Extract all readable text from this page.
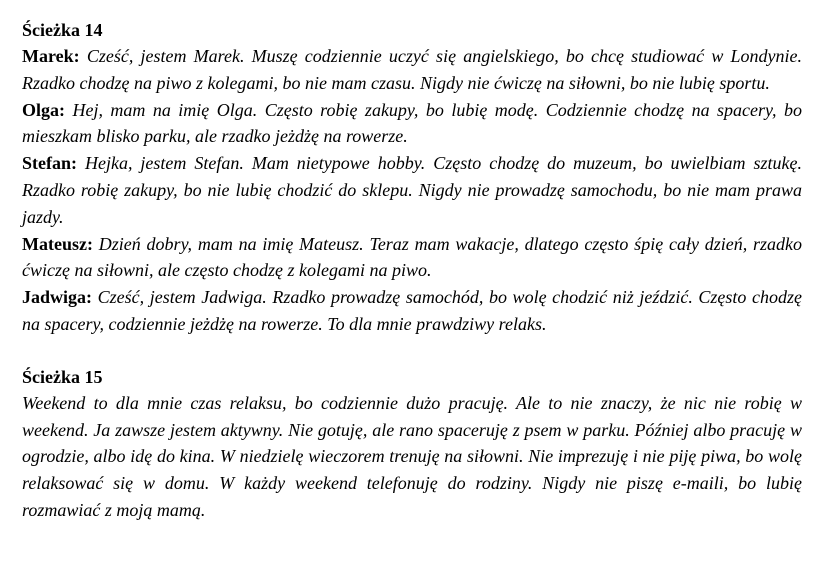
Ścieżka 14

Marek: Cześć, jestem Marek. Muszę codziennie uczyć się angielskiego, bo chcę studiować w Londynie. Rzadko chodzę na piwo z kolegami, bo nie mam czasu. Nigdy nie ćwiczę na siłowni, bo nie lubię sportu.

Olga: Hej, mam na imię Olga. Często robię zakupy, bo lubię modę. Codziennie chodzę na spacery, bo mieszkam blisko parku, ale rzadko jeżdżę na rowerze.

Stefan: Hejka, jestem Stefan. Mam nietypowe hobby. Często chodzę do muzeum, bo uwielbiam sztukę. Rzadko robię zakupy, bo nie lubię chodzić do sklepu. Nigdy nie prowadzę samochodu, bo nie mam prawa jazdy.

Mateusz: Dzień dobry, mam na imię Mateusz. Teraz mam wakacje, dlatego często śpię cały dzień, rzadko ćwiczę na siłowni, ale często chodzę z kolegami na piwo.

Jadwiga: Cześć, jestem Jadwiga. Rzadko prowadzę samochód, bo wolę chodzić niż jeździć. Często chodzę na spacery, codziennie jeżdżę na rowerze. To dla mnie prawdziwy relaks.

Ścieżka 15

Weekend to dla mnie czas relaksu, bo codziennie dużo pracuję. Ale to nie znaczy, że nic nie robię w weekend. Ja zawsze jestem aktywny. Nie gotuję, ale rano spaceruję z psem w parku. Później albo pracuję w ogrodzie, albo idę do kina. W niedzielę wieczorem trenuję na siłowni. Nie imprezuję i nie piję piwa, bo wolę relaksować się w domu. W każdy weekend telefonuję do rodziny. Nigdy nie piszę e-maili, bo lubię rozmawiać z moją mamą.
